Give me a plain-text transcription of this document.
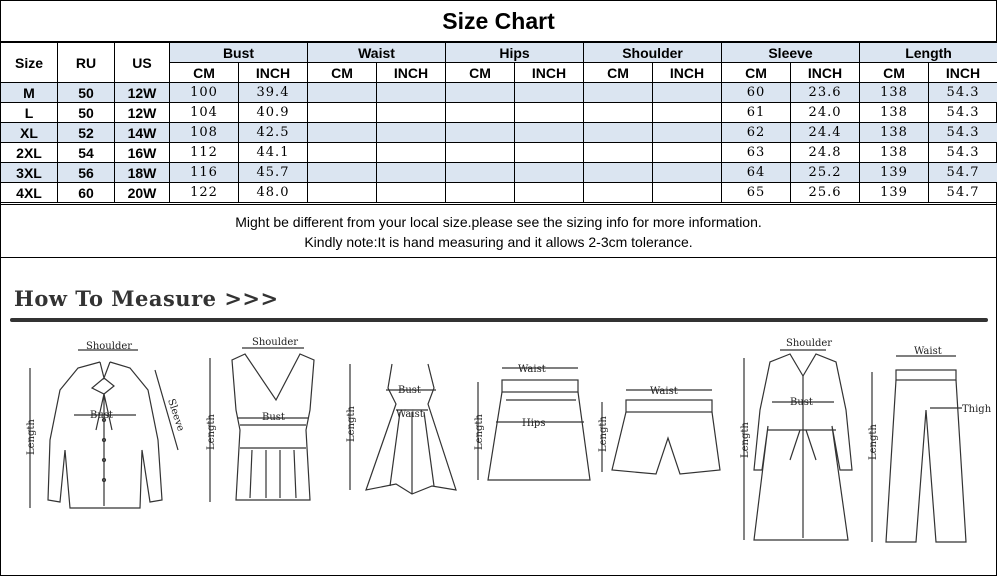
Size Chart
Size	RU	US	Bust		Waist		Hips		Shoulder		Sleeve		Length	
			CM	INCH	CM	INCH	CM	INCH	CM	INCH	CM	INCH	CM	INCH
M	50	12W	100	39.4							60	23.6	138	54.3
L	50	12W	104	40.9							61	24.0	138	54.3
XL	52	14W	108	42.5							62	24.4	138	54.3
2XL	54	16W	112	44.1							63	24.8	138	54.3
3XL	56	18W	116	45.7							64	25.2	139	54.7
4XL	60	20W	122	48.0							65	25.6	139	54.7
Might be different from your local size.please see the sizing info for more information.
Kindly note:It is hand measuring and it allows 2-3cm tolerance.
How To Measure >>>
Shoulder
Bust	Sleeve
Length
Shoulder
Bust
Length
Bust
Waist
Length
Waist
Hips
Length
Waist
Length
Shoulder
Bust
Length
Waist
Thigh
Length
